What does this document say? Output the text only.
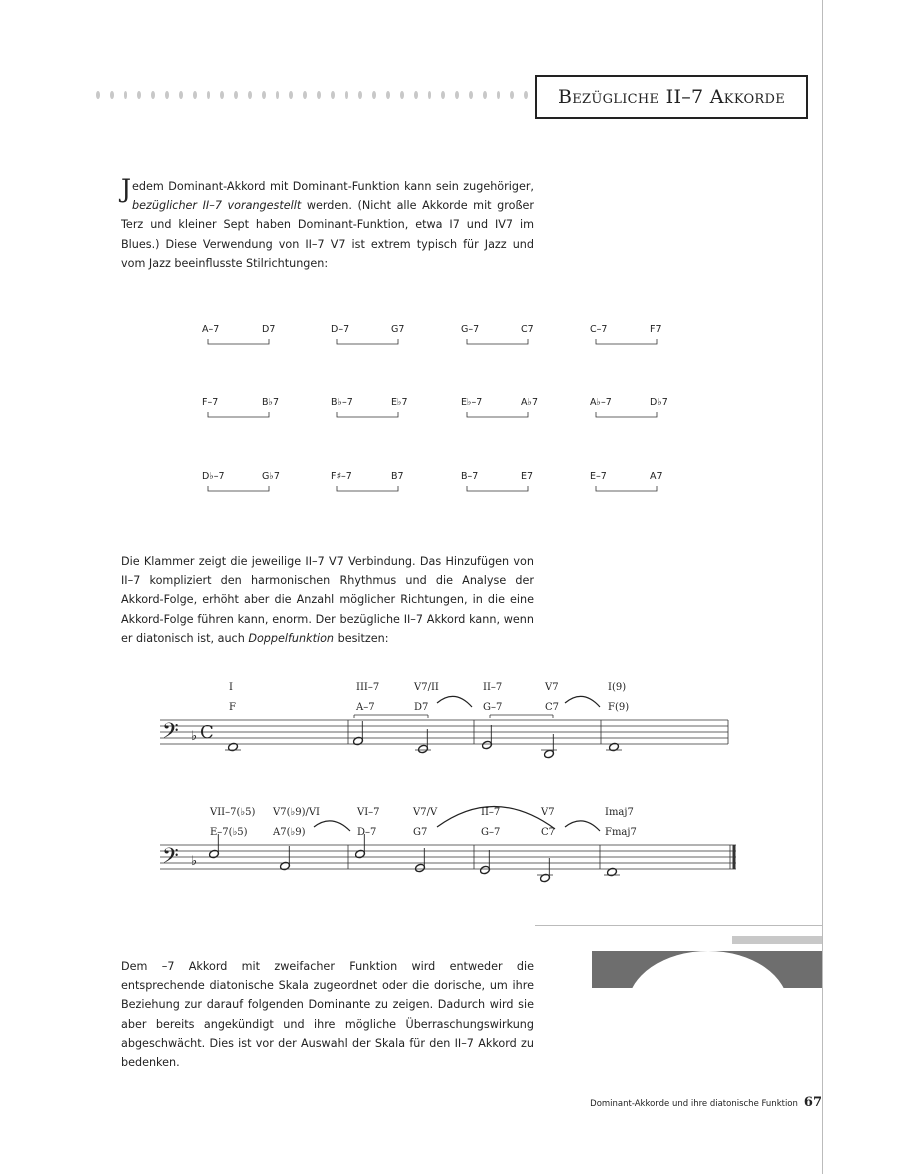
Bezügliche II–7 Akkorde
Jedem Dominant-Akkord mit Dominant-Funktion kann sein zugehöriger, bezüglicher II–7 vorangestellt werden. (Nicht alle Akkorde mit großer Terz und kleiner Sept haben Dominant-Funktion, etwa I7 und IV7 im Blues.) Diese Verwendung von II–7 V7 ist extrem typisch für Jazz und vom Jazz beeinflusste Stilrichtungen:
A–7	D7	D–7	G7	G–7	C7	C–7	F7
F–7	B♭7	B♭–7	E♭7	E♭–7	A♭7	A♭–7	D♭7
D♭–7	G♭7	F♯–7	B7	B–7	E7	E–7	A7
Die Klammer zeigt die jeweilige II–7 V7 Verbindung. Das Hinzufügen von II–7 kompliziert den harmonischen Rhythmus und die Analyse der Akkord-Folge, erhöht aber die Anzahl möglicher Richtungen, in die eine Akkord-Folge führen kann, enorm. Der bezügliche II–7 Akkord kann, wenn er diatonisch ist, auch Doppelfunktion besitzen:
𝄢 ♭ C
I	III–7	V7/II	II–7	V7	I(9)
F	A–7	D7	G–7	C7	F(9)
𝄢 ♭
VII–7(♭5) V7(♭9)/VI	VI–7	V7/V	II–7	V7	Imaj7
E–7(♭5)	A7(♭9)	D–7	G7	G–7	C7	Fmaj7
Dem –7 Akkord mit zweifacher Funktion wird entweder die entsprechende diatonische Skala zugeordnet oder die dorische, um ihre Beziehung zur darauf folgenden Dominante zu zeigen. Dadurch wird sie aber bereits angekündigt und ihre mögliche Überraschungswirkung abgeschwächt. Dies ist vor der Auswahl der Skala für den II–7 Akkord zu bedenken.
Dominant-Akkorde und ihre diatonische Funktion 67
